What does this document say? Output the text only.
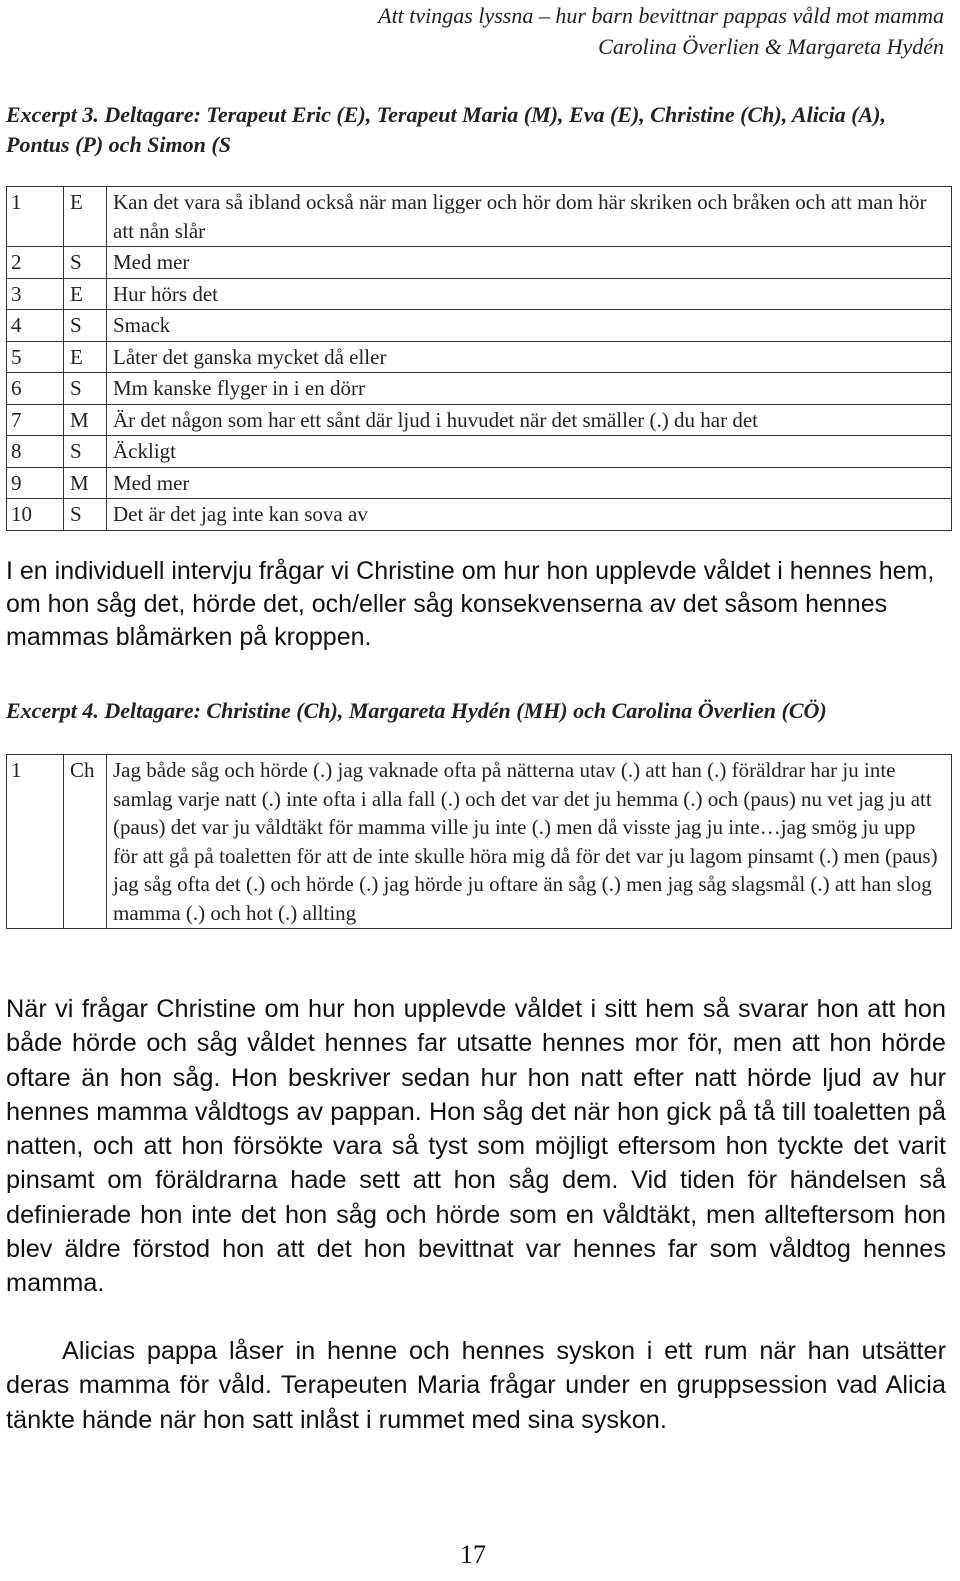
Att tvingas lyssna – hur barn bevittnar pappas våld mot mamma
Carolina Överlien & Margareta Hydén
Excerpt 3. Deltagare: Terapeut Eric (E), Terapeut Maria (M), Eva (E), Christine (Ch), Alicia (A), Pontus (P) och Simon (S
1	E	Kan det vara så ibland också när man ligger och hör dom här skriken och bråken och att man hör att nån slår
2	S	Med mer
3	E	Hur hörs det
4	S	Smack
5	E	Låter det ganska mycket då eller
6	S	Mm kanske flyger in i en dörr
7	M	Är det någon som har ett sånt där ljud i huvudet när det smäller (.) du har det
8	S	Äckligt
9	M	Med mer
10	S	Det är det jag inte kan sova av

I en individuell intervju frågar vi Christine om hur hon upplevde våldet i hennes hem, om hon såg det, hörde det, och/eller såg konsekvenserna av det såsom hennes mammas blåmärken på kroppen.

Excerpt 4. Deltagare: Christine (Ch), Margareta Hydén (MH) och Carolina Överlien (CÖ)
1	Ch	Jag både såg och hörde (.) jag vaknade ofta på nätterna utav (.) att han (.) föräldrar har ju inte samlag varje natt (.) inte ofta i alla fall (.) och det var det ju hemma (.) och (paus) nu vet jag ju att (paus) det var ju våldtäkt för mamma ville ju inte (.) men då visste jag ju inte…jag smög ju upp för att gå på toaletten för att de inte skulle höra mig då för det var ju lagom pinsamt (.) men (paus) jag såg ofta det (.) och hörde (.) jag hörde ju oftare än såg (.) men jag såg slagsmål (.) att han slog mamma (.) och hot (.) allting

När vi frågar Christine om hur hon upplevde våldet i sitt hem så svarar hon att hon både hörde och såg våldet hennes far utsatte hennes mor för, men att hon hörde oftare än hon såg. Hon beskriver sedan hur hon natt efter natt hörde ljud av hur hennes mamma våldtogs av pappan. Hon såg det när hon gick på tå till toaletten på natten, och att hon försökte vara så tyst som möjligt eftersom hon tyckte det varit pinsamt om föräldrarna hade sett att hon såg dem. Vid tiden för händelsen så definierade hon inte det hon såg och hörde som en våldtäkt, men allteftersom hon blev äldre förstod hon att det hon bevittnat var hennes far som våldtog hennes mamma.

Alicias pappa låser in henne och hennes syskon i ett rum när han utsätter deras mamma för våld. Terapeuten Maria frågar under en gruppsession vad Alicia tänkte hände när hon satt inlåst i rummet med sina syskon.

17
